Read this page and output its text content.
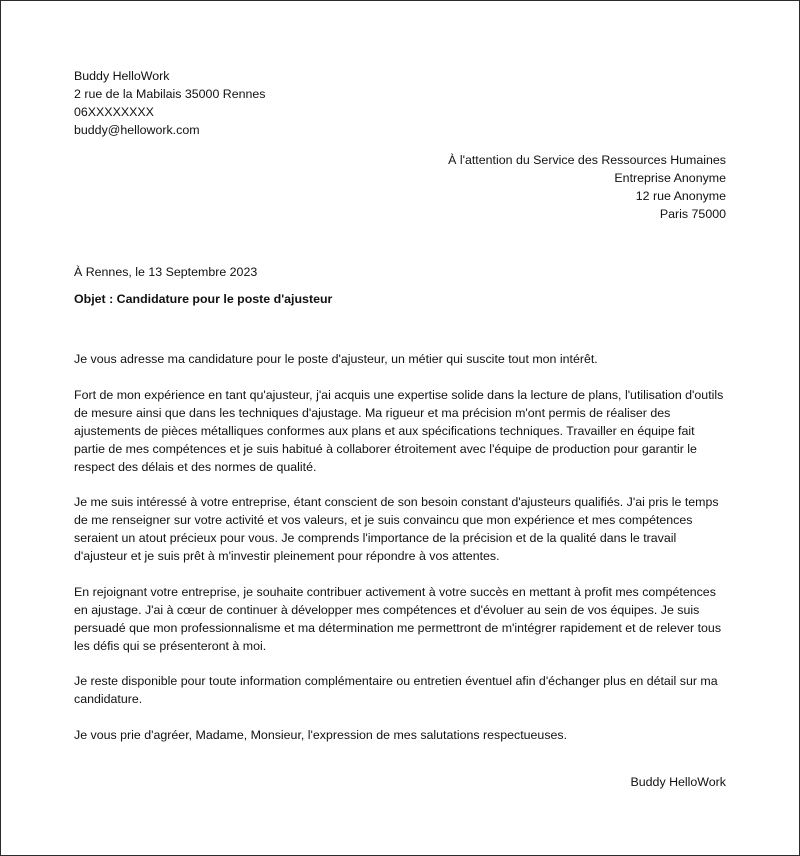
Buddy HelloWork

2 rue de la Mabilais 35000 Rennes

06XXXXXXXX

buddy@hellowork.com

À l'attention du Service des Ressources Humaines

Entreprise Anonyme

12 rue Anonyme

Paris 75000

À Rennes, le 13 Septembre 2023

Objet : Candidature pour le poste d'ajusteur

Je vous adresse ma candidature pour le poste d'ajusteur, un métier qui suscite tout mon intérêt.

Fort de mon expérience en tant qu'ajusteur, j'ai acquis une expertise solide dans la lecture de plans, l'utilisation d'outils de mesure ainsi que dans les techniques d'ajustage. Ma rigueur et ma précision m'ont permis de réaliser des ajustements de pièces métalliques conformes aux plans et aux spécifications techniques. Travailler en équipe fait partie de mes compétences et je suis habitué à collaborer étroitement avec l'équipe de production pour garantir le respect des délais et des normes de qualité.

Je me suis intéressé à votre entreprise, étant conscient de son besoin constant d'ajusteurs qualifiés. J'ai pris le temps de me renseigner sur votre activité et vos valeurs, et je suis convaincu que mon expérience et mes compétences seraient un atout précieux pour vous. Je comprends l'importance de la précision et de la qualité dans le travail d'ajusteur et je suis prêt à m'investir pleinement pour répondre à vos attentes.

En rejoignant votre entreprise, je souhaite contribuer activement à votre succès en mettant à profit mes compétences en ajustage. J'ai à cœur de continuer à développer mes compétences et d'évoluer au sein de vos équipes. Je suis persuadé que mon professionnalisme et ma détermination me permettront de m'intégrer rapidement et de relever tous les défis qui se présenteront à moi.

Je reste disponible pour toute information complémentaire ou entretien éventuel afin d'échanger plus en détail sur ma candidature.

Je vous prie d'agréer, Madame, Monsieur, l'expression de mes salutations respectueuses.

Buddy HelloWork
